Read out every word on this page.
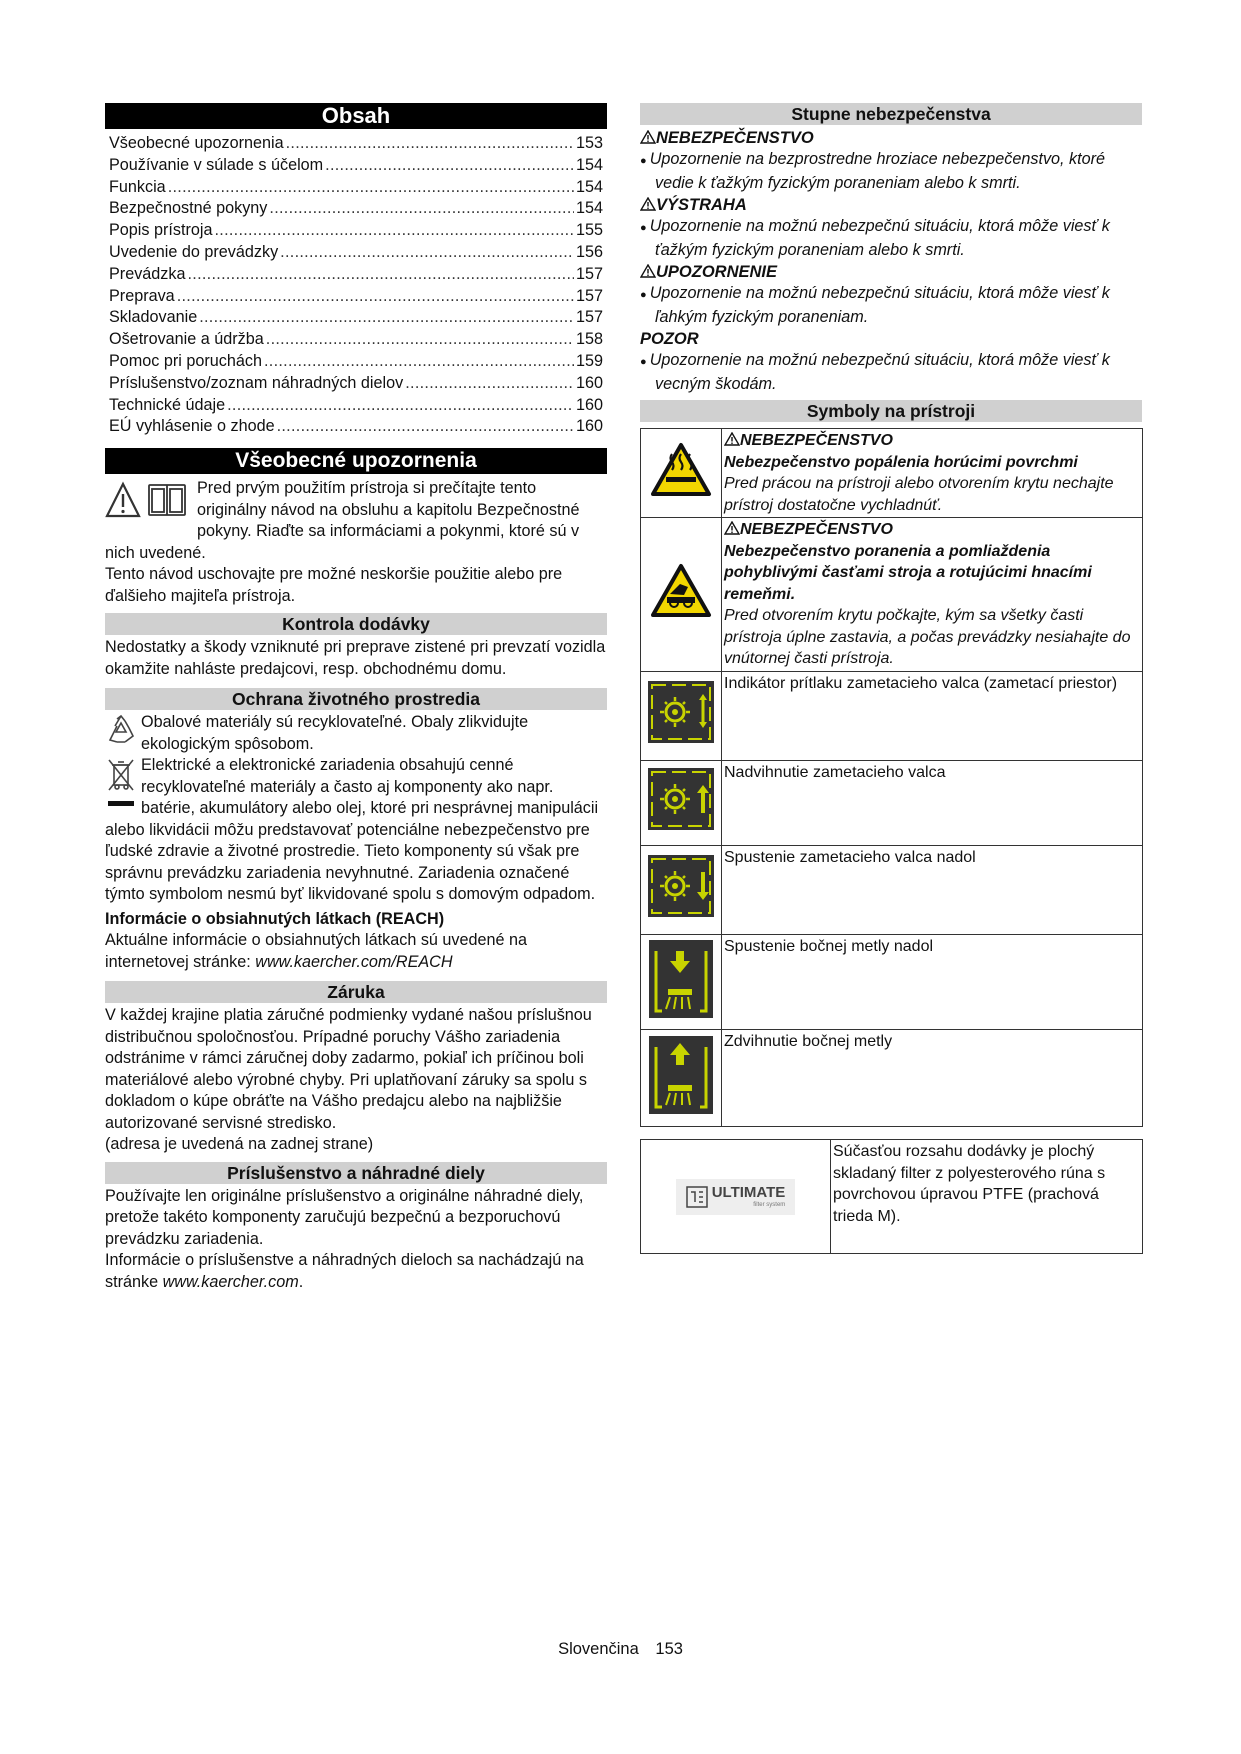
Obsah
Všeobecné upozornenia .....	153
Používanie v súlade s účelom .....	154
Funkcia .....	154
Bezpečnostné pokyny .....	154
Popis prístroja .....	155
Uvedenie do prevádzky .....	156
Prevádzka .....	157
Preprava .....	157
Skladovanie .....	157
Ošetrovanie a údržba .....	158
Pomoc pri poruchách .....	159
Príslušenstvo/zoznam náhradných dielov .....	160
Technické údaje .....	160
EÚ vyhlásenie o zhode .....	160
Všeobecné upozornenia

Pred prvým použitím prístroja si prečítajte tento originálny návod na obsluhu a kapitolu Bezpečnostné pokyny. Riaďte sa informáciami a pokynmi, ktoré sú v nich uvedené.

Tento návod uschovajte pre možné neskoršie použitie alebo pre ďalšieho majiteľa prístroja.

Kontrola dodávky

Nedostatky a škody vzniknuté pri preprave zistené pri prevzatí vozidla okamžite nahláste predajcovi, resp. obchodnému domu.

Ochrana životného prostredia

Obalové materiály sú recyklovateľné. Obaly zlikvidujte ekologickým spôsobom.

Elektrické a elektronické zariadenia obsahujú cenné recyklovateľné materiály a často aj komponenty ako napr. batérie, akumulátory alebo olej, ktoré pri nesprávnej manipulácii alebo likvidácii môžu predstavovať potenciálne nebezpečenstvo pre ľudské zdravie a životné prostredie. Tieto komponenty sú však pre správnu prevádzku zariadenia nevyhnutné. Zariadenia označené týmto symbolom nesmú byť likvidované spolu s domovým odpadom.

Informácie o obsiahnutých látkach (REACH)

Aktuálne informácie o obsiahnutých látkach sú uvedené na internetovej stránke: www.kaercher.com/REACH

Záruka

V každej krajine platia záručné podmienky vydané našou príslušnou distribučnou spoločnosťou. Prípadné poruchy Vášho zariadenia odstránime v rámci záručnej doby zadarmo, pokiaľ ich príčinou boli materiálové alebo výrobné chyby. Pri uplatňovaní záruky sa spolu s dokladom o kúpe obráťte na Vášho predajcu alebo na najbližšie autorizované servisné stredisko.

(adresa je uvedená na zadnej strane)

Príslušenstvo a náhradné diely

Používajte len originálne príslušenstvo a originálne náhradné diely, pretože takéto komponenty zaručujú bezpečnú a bezporuchovú prevádzku zariadenia.

Informácie o príslušenstve a náhradných dieloch sa nachádzajú na stránke www.kaercher.com.

Stupne nebezpečenstva
NEBEZPEČENSTVO
● Upozornenie na bezprostredne hroziace nebezpečenstvo, ktoré vedie k ťažkým fyzickým poraneniam alebo k smrti.
VÝSTRAHA
● Upozornenie na možnú nebezpečnú situáciu, ktorá môže viesť k ťažkým fyzickým poraneniam alebo k smrti.
UPOZORNENIE
● Upozornenie na možnú nebezpečnú situáciu, ktorá môže viesť k ľahkým fyzickým poraneniam.
POZOR
● Upozornenie na možnú nebezpečnú situáciu, ktorá môže viesť k vecným škodám.
Symboly na prístroji

NEBEZPEČENSTVO
Nebezpečenstvo popálenia horúcimi povrchmi
Pred prácou na prístroji alebo otvorením krytu nechajte prístroj dostatočne vychladnúť.

NEBEZPEČENSTVO
Nebezpečenstvo poranenia a pomliaždenia pohyblivými časťami stroja a rotujúcimi hnacími remeňmi.
Pred otvorením krytu počkajte, kým sa všetky časti prístroja úplne zastavia, a počas prevádzky nesiahajte do vnútornej časti prístroja.

Indikátor prítlaku zametacieho valca (zametací priestor)

Nadvihnutie zametacieho valca

Spustenie zametacieho valca nadol

Spustenie bočnej metly nadol

Zdvihnutie bočnej metly
ULTIMATE
filter system
	Súčasťou rozsahu dodávky je plochý skladaný filter z polyesterového rúna s povrchovou úpravou PTFE (prachová trieda M).
Slovenčina 153
